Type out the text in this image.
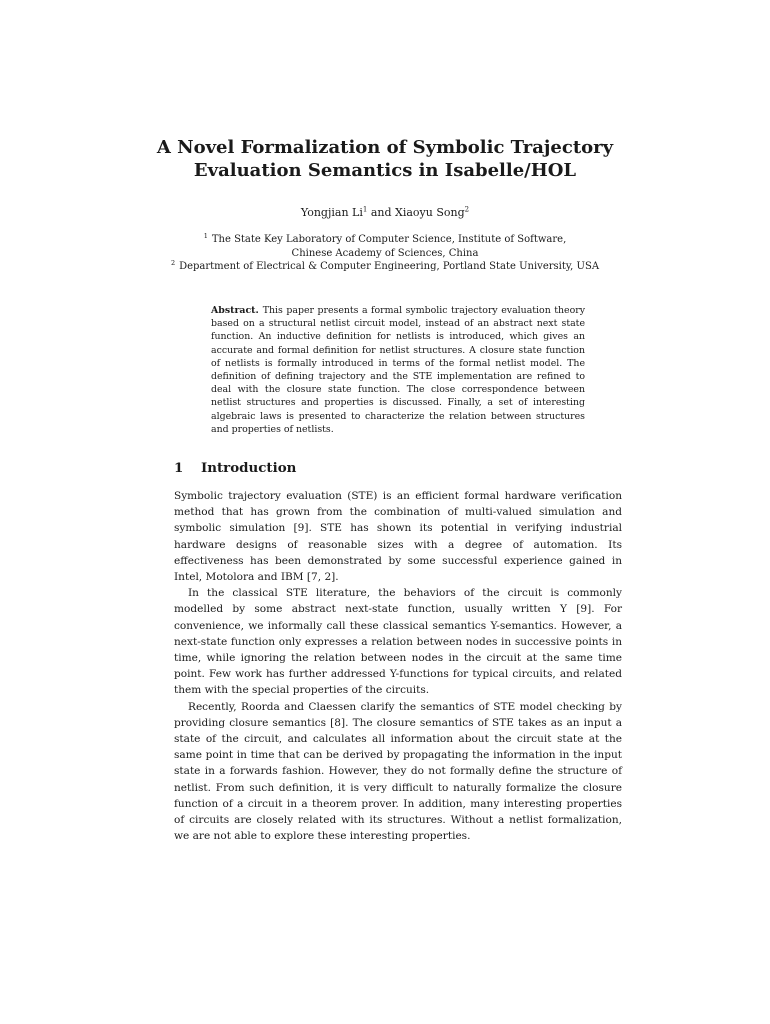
A Novel Formalization of Symbolic Trajectory Evaluation Semantics in Isabelle/HOL
Yongjian Li$^1$ and Xiaoyu Song$^2$
$^1$ The State Key Laboratory of Computer Science, Institute of Software,
Chinese Academy of Sciences, China
$^2$ Department of Electrical & Computer Engineering, Portland State University, USA
Abstract. This paper presents a formal symbolic trajectory evaluation theory based on a structural netlist circuit model, instead of an abstract next state function. An inductive definition for netlists is introduced, which gives an accurate and formal definition for netlist structures. A closure state function of netlists is formally introduced in terms of the formal netlist model. The definition of defining trajectory and the STE implementation are refined to deal with the closure state function. The close correspondence between netlist structures and properties is discussed. Finally, a set of interesting algebraic laws is presented to characterize the relation between structures and properties of netlists.
1 Introduction

Symbolic trajectory evaluation (STE) is an efficient formal hardware verification method that has grown from the combination of multi-valued simulation and symbolic simulation [9]. STE has shown its potential in verifying industrial hardware designs of reasonable sizes with a degree of automation. Its effectiveness has been demonstrated by some successful experience gained in Intel, Motolora and IBM [7, 2].

In the classical STE literature, the behaviors of the circuit is commonly modelled by some abstract next-state function, usually written Y [9]. For convenience, we informally call these classical semantics Y-semantics. However, a next-state function only expresses a relation between nodes in successive points in time, while ignoring the relation between nodes in the circuit at the same time point. Few work has further addressed Y-functions for typical circuits, and related them with the special properties of the circuits.

Recently, Roorda and Claessen clarify the semantics of STE model checking by providing closure semantics [8]. The closure semantics of STE takes as an input a state of the circuit, and calculates all information about the circuit state at the same point in time that can be derived by propagating the information in the input state in a forwards fashion. However, they do not formally define the structure of netlist. From such definition, it is very difficult to naturally formalize the closure function of a circuit in a theorem prover. In addition, many interesting properties of circuits are closely related with its structures. Without a netlist formalization, we are not able to explore these interesting properties.
